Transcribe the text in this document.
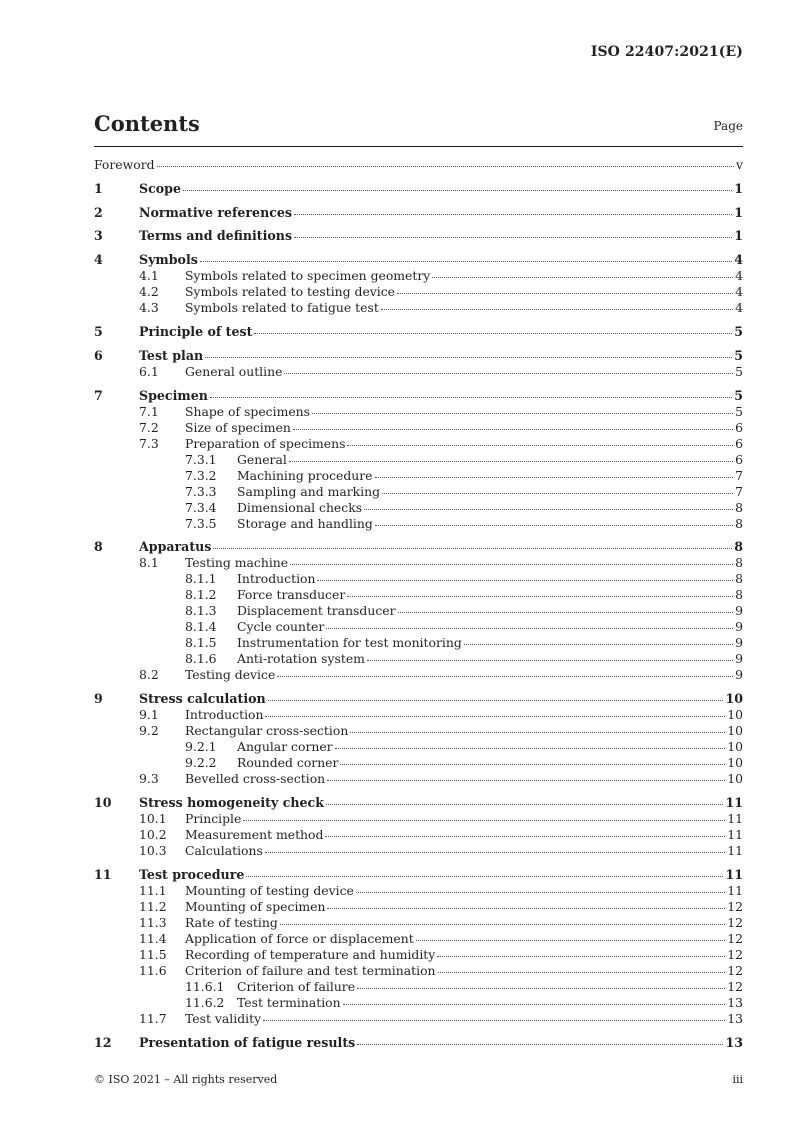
ISO 22407:2021(E)
Contents	Page
Foreword	v
1	Scope	1
2	Normative references	1
3	Terms and definitions	1
4	Symbols	4
4.1 Symbols related to specimen geometry	4
4.2 Symbols related to testing device	4
4.3 Symbols related to fatigue test	4
5	Principle of test	5
6	Test plan	5
6.1 General outline	5
7	Specimen	5
7.1 Shape of specimens	5
7.2 Size of specimen	6
7.3 Preparation of specimens	6
7.3.1 General	6
7.3.2 Machining procedure	7
7.3.3 Sampling and marking	7
7.3.4 Dimensional checks	8
7.3.5 Storage and handling	8
8	Apparatus	8
8.1 Testing machine	8
8.1.1 Introduction	8
8.1.2 Force transducer	8
8.1.3 Displacement transducer	9
8.1.4 Cycle counter	9
8.1.5 Instrumentation for test monitoring	9
8.1.6 Anti-rotation system	9
8.2 Testing device	9
9	Stress calculation	10
9.1 Introduction	10
9.2 Rectangular cross-section	10
9.2.1 Angular corner	10
9.2.2 Rounded corner	10
9.3 Bevelled cross-section	10
10 Stress homogeneity check	11
10.1 Principle	11
10.2 Measurement method	11
10.3 Calculations	11
11 Test procedure	11
11.1 Mounting of testing device	11
11.2 Mounting of specimen	12
11.3 Rate of testing	12
11.4 Application of force or displacement	12
11.5 Recording of temperature and humidity	12
11.6 Criterion of failure and test termination	12
11.6.1 Criterion of failure	12
11.6.2 Test termination	13
11.7 Test validity	13
12 Presentation of fatigue results	13
© ISO 2021 – All rights reserved	iii
